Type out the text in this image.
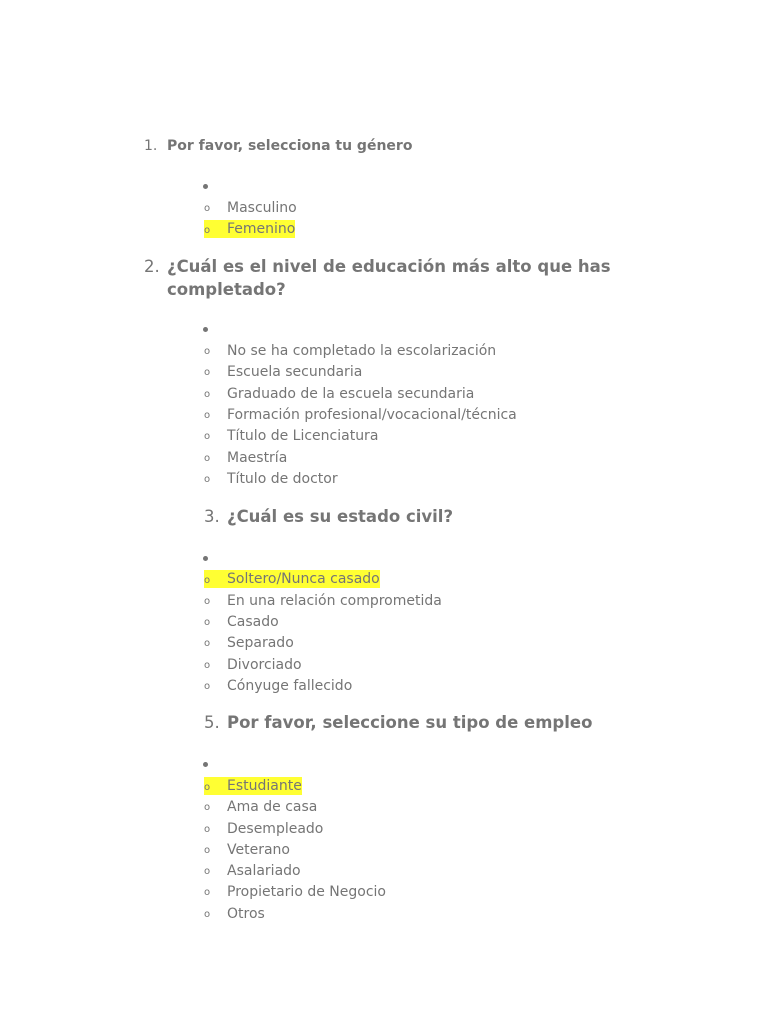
1. Por favor, selecciona tu género
o Masculino
o Femenino
2. ¿Cuál es el nivel de educación más alto que has
completado?
o No se ha completado la escolarización
o Escuela secundaria
o Graduado de la escuela secundaria
o Formación profesional/vocacional/técnica
o Título de Licenciatura
o Maestría
o Título de doctor
3. ¿Cuál es su estado civil?
o Soltero/Nunca casado
o En una relación comprometida
o Casado
o Separado
o Divorciado
o Cónyuge fallecido
5. Por favor, seleccione su tipo de empleo
o Estudiante
o Ama de casa
o Desempleado
o Veterano
o Asalariado
o Propietario de Negocio
o Otros
